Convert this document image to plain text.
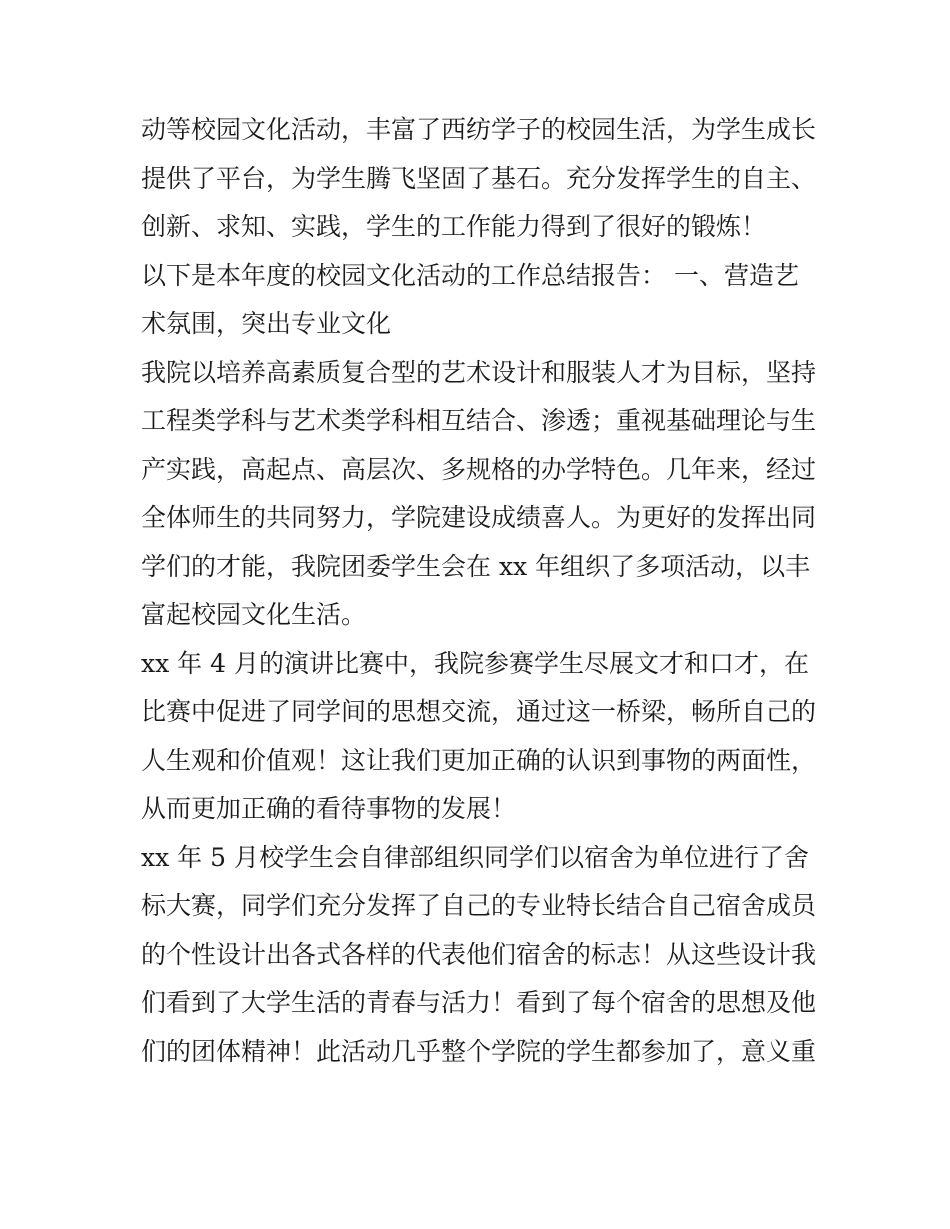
动等校园文化活动，丰富了西纺学子的校园生活，为学生成长
提供了平台，为学生腾飞坚固了基石。充分发挥学生的自主、
创新、求知、实践，学生的工作能力得到了很好的锻炼！

以下是本年度的校园文化活动的工作总结报告： 一、营造艺
术氛围，突出专业文化

我院以培养高素质复合型的艺术设计和服装人才为目标，坚持
工程类学科与艺术类学科相互结合、渗透；重视基础理论与生
产实践，高起点、高层次、多规格的办学特色。几年来，经过
全体师生的共同努力，学院建设成绩喜人。为更好的发挥出同
学们的才能，我院团委学生会在 xx 年组织了多项活动，以丰
富起校园文化生活。

xx 年 4 月的演讲比赛中，我院参赛学生尽展文才和口才，在
比赛中促进了同学间的思想交流，通过这一桥梁，畅所自己的
人生观和价值观！这让我们更加正确的认识到事物的两面性，
从而更加正确的看待事物的发展！

xx 年 5 月校学生会自律部组织同学们以宿舍为单位进行了舍
标大赛，同学们充分发挥了自己的专业特长结合自己宿舍成员
的个性设计出各式各样的代表他们宿舍的标志！从这些设计我
们看到了大学生活的青春与活力！看到了每个宿舍的思想及他
们的团体精神！此活动几乎整个学院的学生都参加了，意义重
